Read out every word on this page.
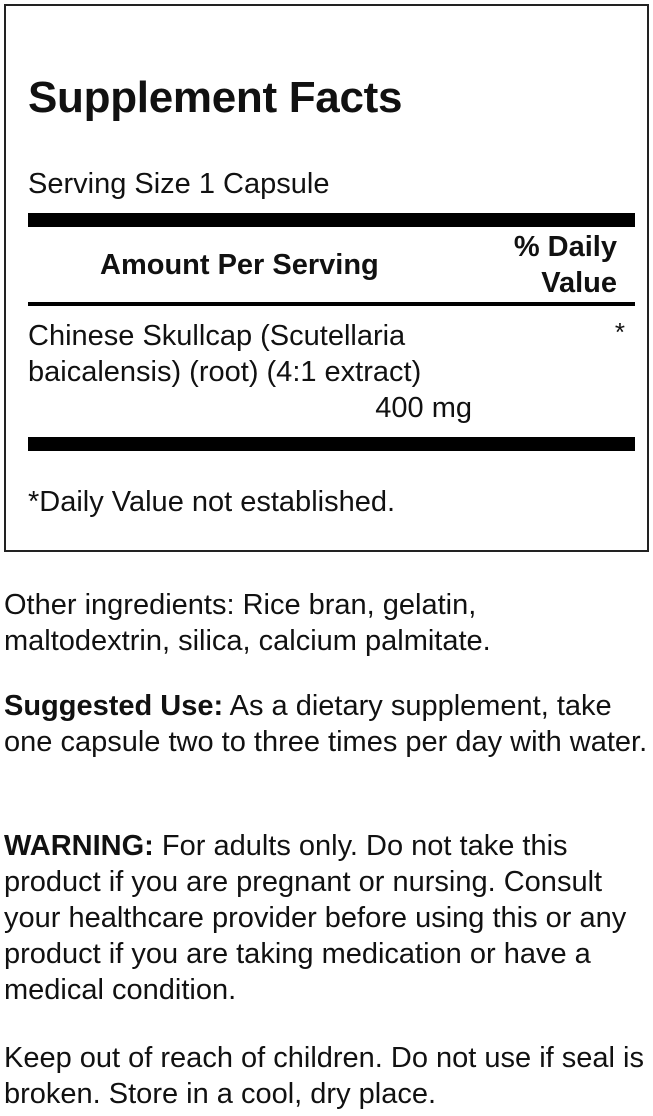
Supplement Facts
Serving Size 1 Capsule
Amount Per Serving
% Daily
Value
Chinese Skullcap (Scutellaria
baicalensis) (root) (4:1 extract)
400 mg
*
*Daily Value not established.

Other ingredients: Rice bran, gelatin, maltodextrin, silica, calcium palmitate.

Suggested Use: As a dietary supplement, take one capsule two to three times per day with water.

WARNING: For adults only. Do not take this product if you are pregnant or nursing. Consult your healthcare provider before using this or any product if you are taking medication or have a medical condition.

Keep out of reach of children. Do not use if seal is broken. Store in a cool, dry place.
